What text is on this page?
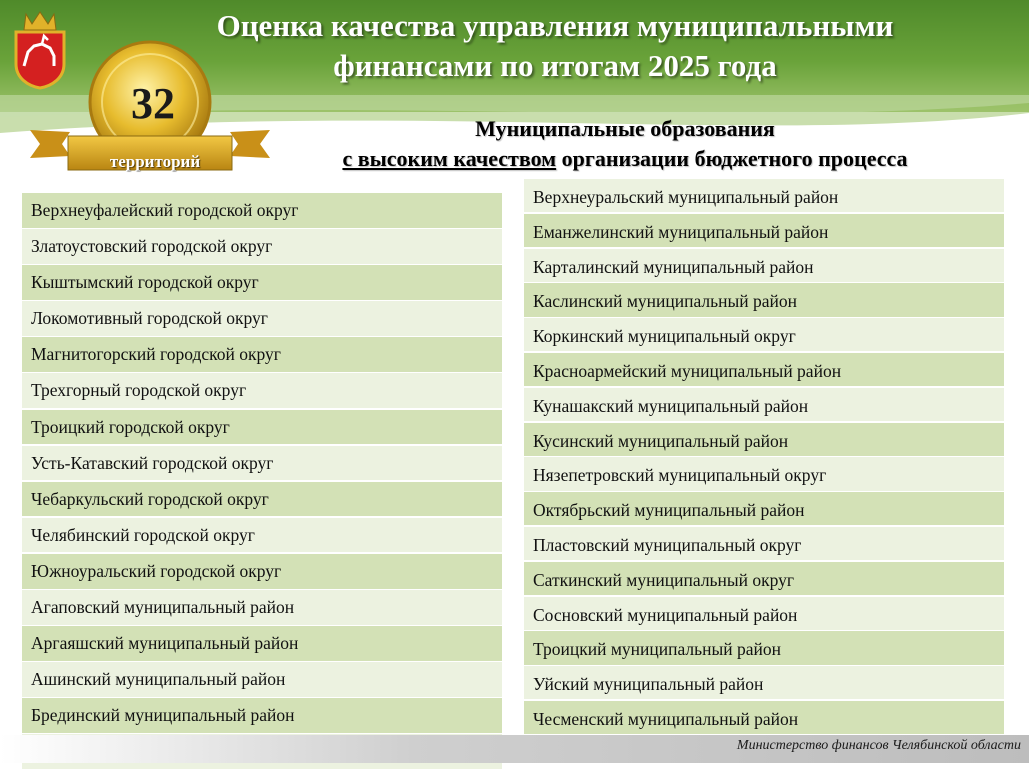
Оценка качества управления муниципальными
финансами по итогам 2025 года
32
территорий
Муниципальные образования
с высоким качеством организации бюджетного процесса
Верхнеуфалейский городской округ
Златоустовский городской округ
Кыштымский городской округ
Локомотивный городской округ
Магнитогорский городской округ
Трехгорный городской округ
Троицкий городской округ
Усть-Катавский городской округ
Чебаркульский городской округ
Челябинский городской округ
Южноуральский городской округ
Агаповский муниципальный район
Аргаяшский муниципальный район
Ашинский муниципальный район
Брединский муниципальный район
Верхнеуральский муниципальный район
Еманжелинский муниципальный район
Карталинский муниципальный район
Каслинский муниципальный район
Коркинский муниципальный округ
Красноармейский муниципальный район
Кунашакский муниципальный район
Кусинский муниципальный район
Нязепетровский муниципальный округ
Октябрьский муниципальный район
Пластовский муниципальный округ
Саткинский муниципальный округ
Сосновский муниципальный район
Троицкий муниципальный район
Уйский муниципальный район
Чесменский муниципальный район
Министерство финансов Челябинской области
